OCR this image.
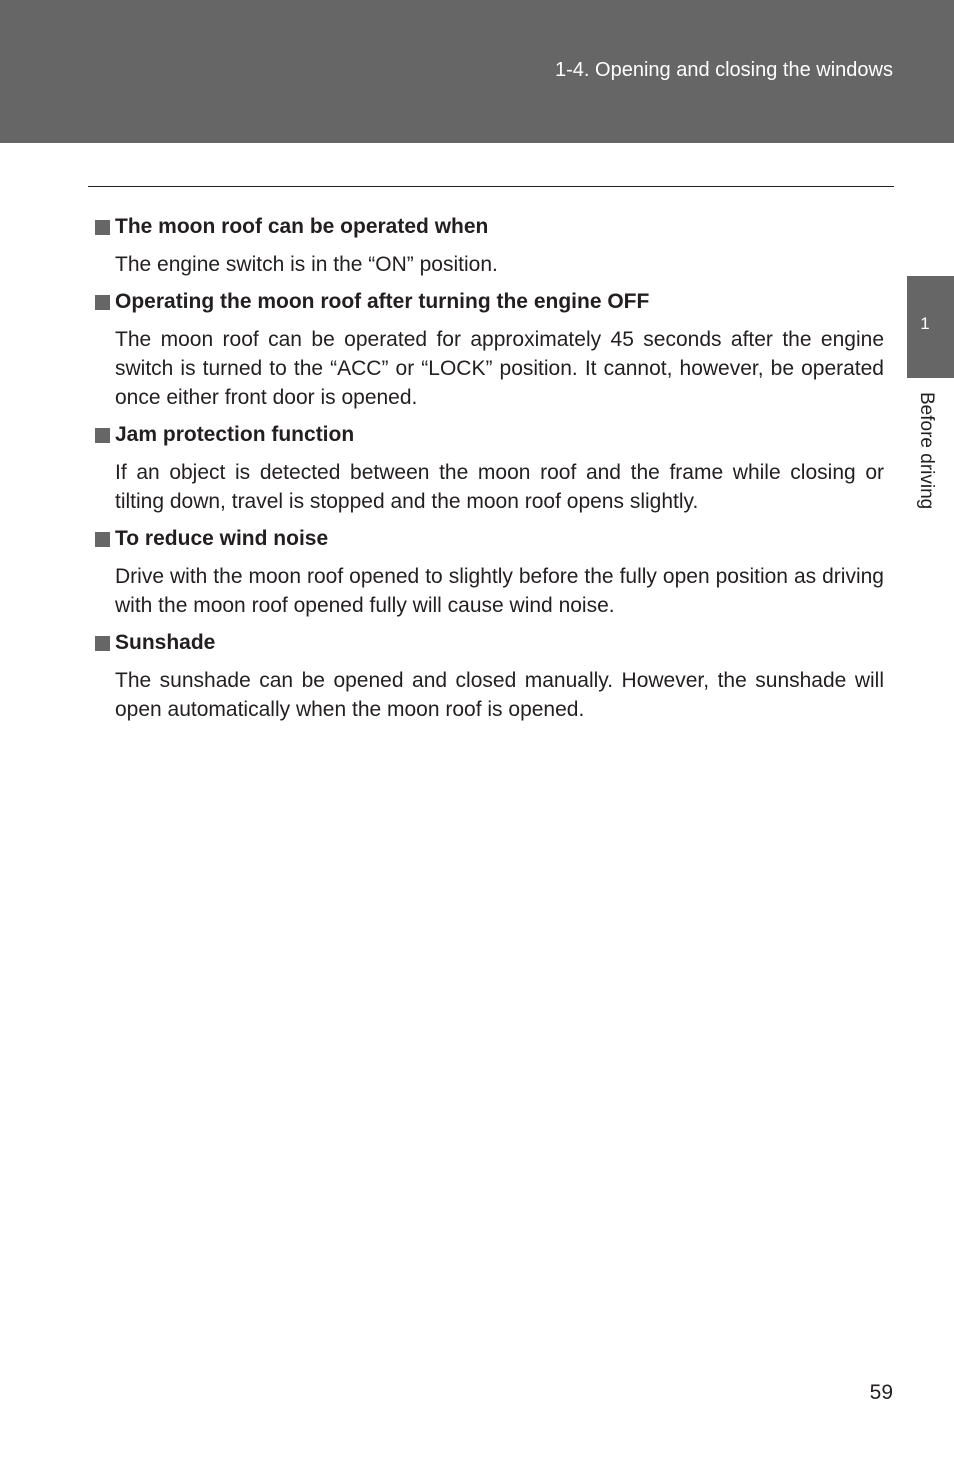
1-4. Opening and closing the windows
1
Before driving

The moon roof can be operated when

The engine switch is in the “ON” position.

Operating the moon roof after turning the engine OFF

The moon roof can be operated for approximately 45 seconds after the engine switch is turned to the “ACC” or “LOCK” position. It cannot, however, be operated once either front door is opened.

Jam protection function

If an object is detected between the moon roof and the frame while closing or tilting down, travel is stopped and the moon roof opens slightly.

To reduce wind noise

Drive with the moon roof opened to slightly before the fully open position as driving with the moon roof opened fully will cause wind noise.

Sunshade

The sunshade can be opened and closed manually. However, the sunshade will open automatically when the moon roof is opened.

59
